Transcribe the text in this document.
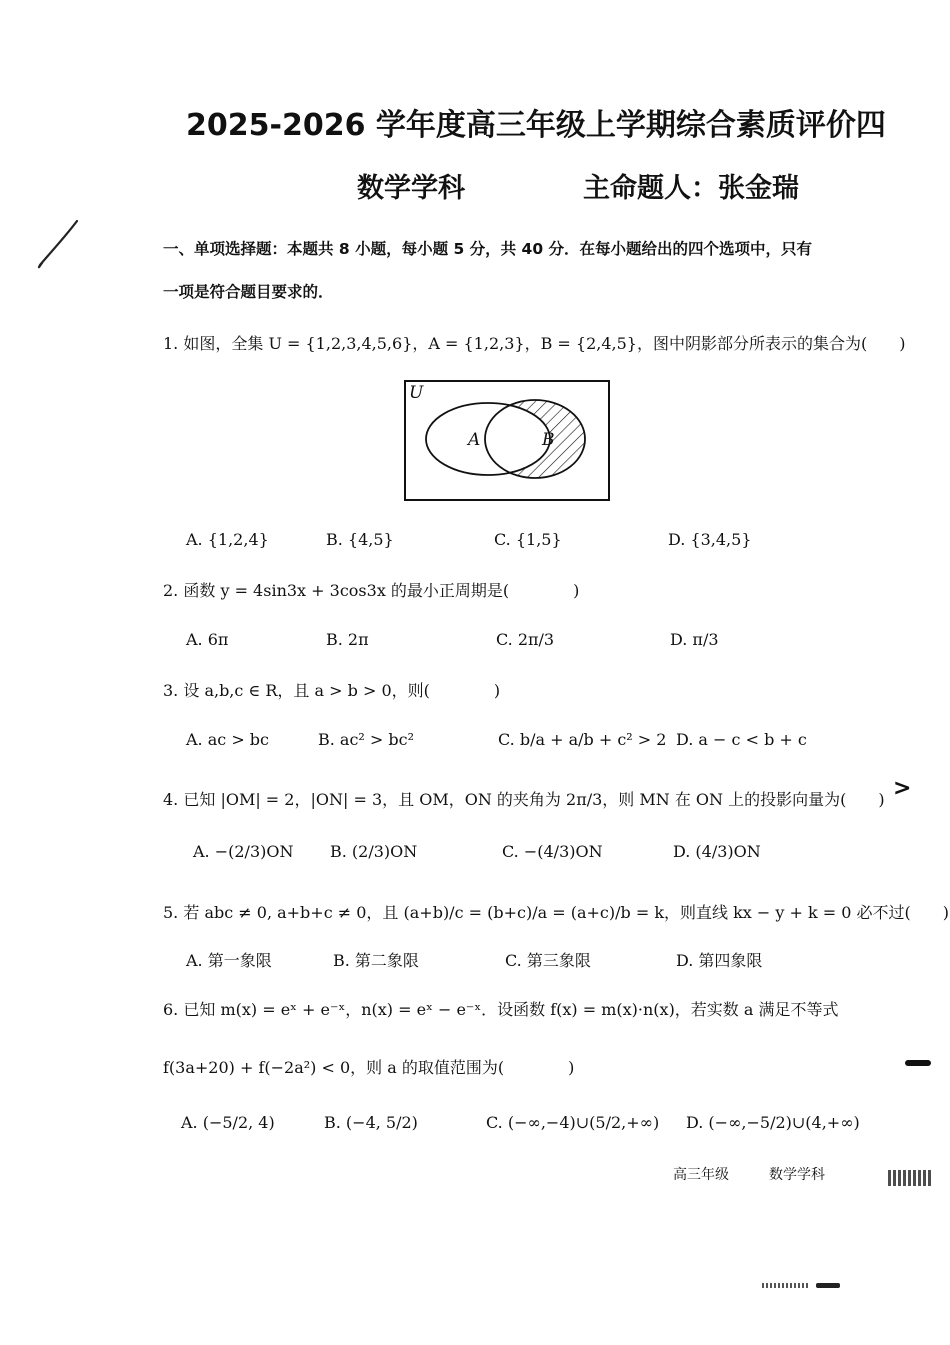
2025-2026 学年度高三年级上学期综合素质评价四
数学学科	主命题人：张金瑞
一、单项选择题：本题共 8 小题，每小题 5 分，共 40 分．在每小题给出的四个选项中，只有
一项是符合题目要求的．
1. 如图，全集 U = {1,2,3,4,5,6}，A = {1,2,3}，B = {2,4,5}，图中阴影部分所表示的集合为(　　)
U
A	B
A. {1,2,4}	B. {4,5}	C. {1,5}	D. {3,4,5}
2. 函数 y = 4sin3x + 3cos3x 的最小正周期是(　　　　)
A. 6π	B. 2π	C. 2π/3	D. π/3
3. 设 a,b,c ∈ R，且 a > b > 0，则(　　　　)
A. ac > bc	B. ac² > bc²	C. b/a + a/b + c² > 2 D. a − c < b + c
4. 已知 |OM| = 2，|ON| = 3，且 OM，ON 的夹角为 2π/3，则 MN 在 ON 上的投影向量为(　　) >
A. −(2/3)ON B. (2/3)ON	C. −(4/3)ON	D. (4/3)ON
5. 若 abc ≠ 0, a+b+c ≠ 0，且 (a+b)/c = (b+c)/a = (a+c)/b = k，则直线 kx − y + k = 0 必不过(　　)
A. 第一象限	B. 第二象限	C. 第三象限	D. 第四象限
6. 已知 m(x) = eˣ + e⁻ˣ，n(x) = eˣ − e⁻ˣ．设函数 f(x) = m(x)·n(x)，若实数 a 满足不等式
f(3a+20) + f(−2a²) < 0，则 a 的取值范围为(　　　　)
A. (−5/2, 4)	B. (−4, 5/2)	C. (−∞,−4)∪(5/2,+∞) D. (−∞,−5/2)∪(4,+∞)
高三年级	数学学科
